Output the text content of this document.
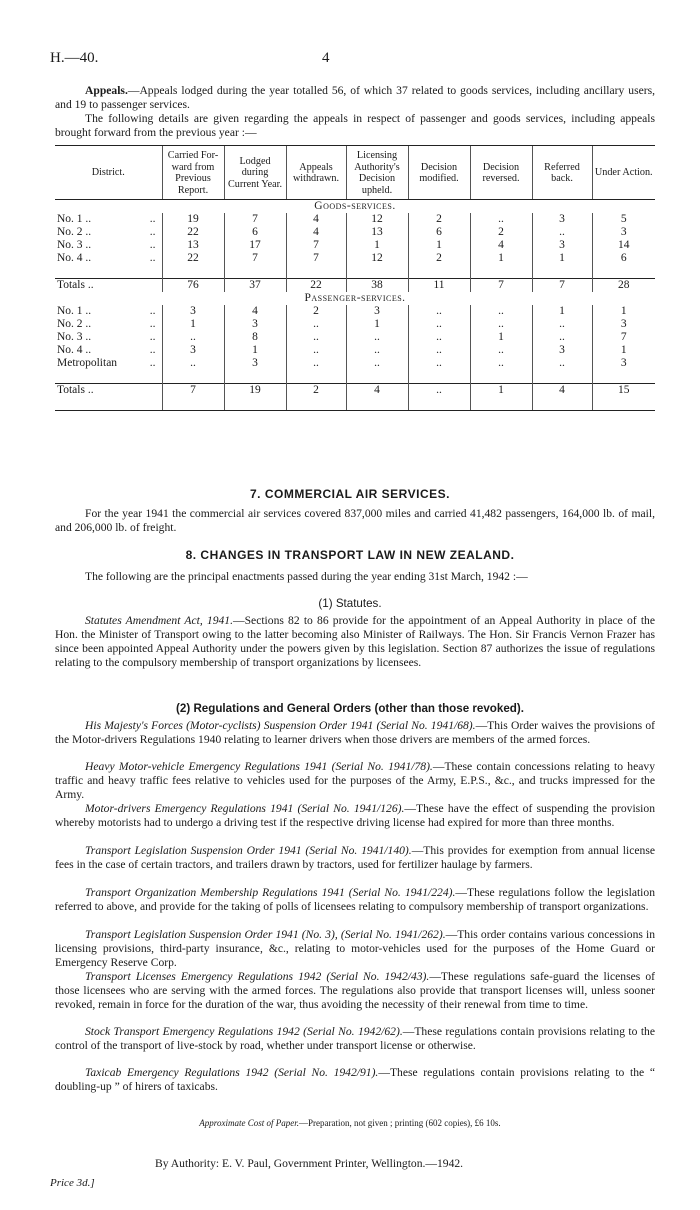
H.—40.	4
Appeals.—Appeals lodged during the year totalled 56, of which 37 related to goods services, including ancillary users, and 19 to passenger services.
The following details are given regarding the appeals in respect of passenger and goods services, including appeals brought forward from the previous year :—
District.	Carried For-ward from Previous Report.	Lodged during Current Year.	Appeals withdrawn.	Licensing Authority's Decision upheld.	Decision modified.	Decision reversed.	Referred back.	Under Action.
Goods-services.								

No. 1 .. ..	19	7	4	12	2	..	3	5

No. 2 .. ..	22	6	4	13	6	2	..	3

No. 3 .. ..	13	17	7	1	1	4	3	14

No. 4 .. ..	22	7	7	12	2	1	1	6

Totals ..	76	37	22	38	11	7	7	28
Passenger-services.								

No. 1 .. ..	3	4	2	3	..	..	1	1

No. 2 .. ..	1	3	..	1	..	..	..	3

No. 3 .. ..	..	8	..	..	..	1	..	7

No. 4 .. ..	3	1	..	..	..	..	3	1

Metropolitan ..	..	3	..	..	..	..	..	3

Totals ..	7	19	2	4	..	1	4	15

7. COMMERCIAL AIR SERVICES.
For the year 1941 the commercial air services covered 837,000 miles and carried 41,482 passengers, 164,000 lb. of mail, and 206,000 lb. of freight.
8. CHANGES IN TRANSPORT LAW IN NEW ZEALAND.
The following are the principal enactments passed during the year ending 31st March, 1942 :—
(1) Statutes.
Statutes Amendment Act, 1941.—Sections 82 to 86 provide for the appointment of an Appeal Authority in place of the Hon. the Minister of Transport owing to the latter becoming also Minister of Railways. The Hon. Sir Francis Vernon Frazer has since been appointed Appeal Authority under the powers given by this legislation. Section 87 authorizes the issue of regulations relating to the compulsory membership of transport organizations by licensees.
(2) Regulations and General Orders (other than those revoked).
His Majesty's Forces (Motor-cyclists) Suspension Order 1941 (Serial No. 1941/68).—This Order waives the provisions of the Motor-drivers Regulations 1940 relating to learner drivers when those drivers are members of the armed forces.
Heavy Motor-vehicle Emergency Regulations 1941 (Serial No. 1941/78).—These contain concessions relating to heavy traffic and heavy traffic fees relative to vehicles used for the purposes of the Army, E.P.S., &c., and trucks impressed for the Army.
Motor-drivers Emergency Regulations 1941 (Serial No. 1941/126).—These have the effect of suspending the provision whereby motorists had to undergo a driving test if the respective driving license had expired for more than three months.
Transport Legislation Suspension Order 1941 (Serial No. 1941/140).—This provides for exemption from annual license fees in the case of certain tractors, and trailers drawn by tractors, used for fertilizer haulage by farmers.
Transport Organization Membership Regulations 1941 (Serial No. 1941/224).—These regulations follow the legislation referred to above, and provide for the taking of polls of licensees relating to compulsory membership of transport organizations.
Transport Legislation Suspension Order 1941 (No. 3), (Serial No. 1941/262).—This order contains various concessions in licensing provisions, third-party insurance, &c., relating to motor-vehicles used for the purposes of the Home Guard or Emergency Reserve Corp.
Transport Licenses Emergency Regulations 1942 (Serial No. 1942/43).—These regulations safe-guard the licenses of those licensees who are serving with the armed forces. The regulations also provide that transport licenses will, unless sooner revoked, remain in force for the duration of the war, thus avoiding the necessity of their renewal from time to time.
Stock Transport Emergency Regulations 1942 (Serial No. 1942/62).—These regulations contain provisions relating to the control of the transport of live-stock by road, whether under transport license or otherwise.
Taxicab Emergency Regulations 1942 (Serial No. 1942/91).—These regulations contain provisions relating to the “ doubling-up ” of hirers of taxicabs.
Approximate Cost of Paper.—Preparation, not given ; printing (602 copies), £6 10s.
By Authority: E. V. Paul, Government Printer, Wellington.—1942.
Price 3d.]
